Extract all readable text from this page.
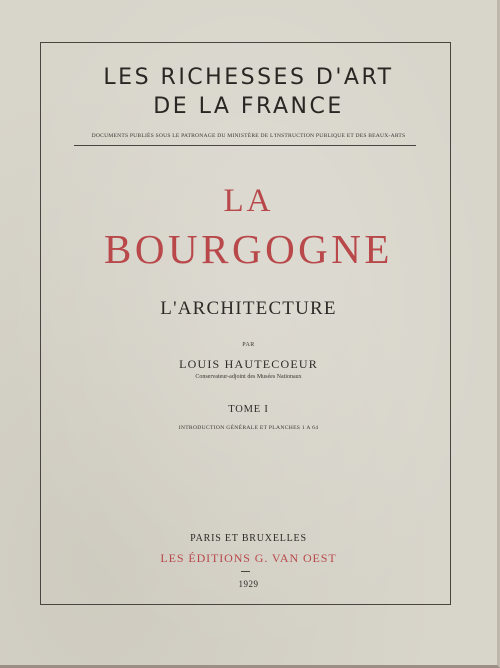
LES RICHESSES D'ART
DE LA FRANCE
DOCUMENTS PUBLIÉS SOUS LE PATRONAGE DU MINISTÈRE DE L'INSTRUCTION PUBLIQUE ET DES BEAUX-ARTS
LA
BOURGOGNE
L'ARCHITECTURE
PAR
LOUIS HAUTECOEUR
Conservateur-adjoint des Musées Nationaux
TOME I
INTRODUCTION GÉNÉRALE ET PLANCHES 1 A 64
PARIS ET BRUXELLES
LES ÉDITIONS G. VAN OEST
1929
